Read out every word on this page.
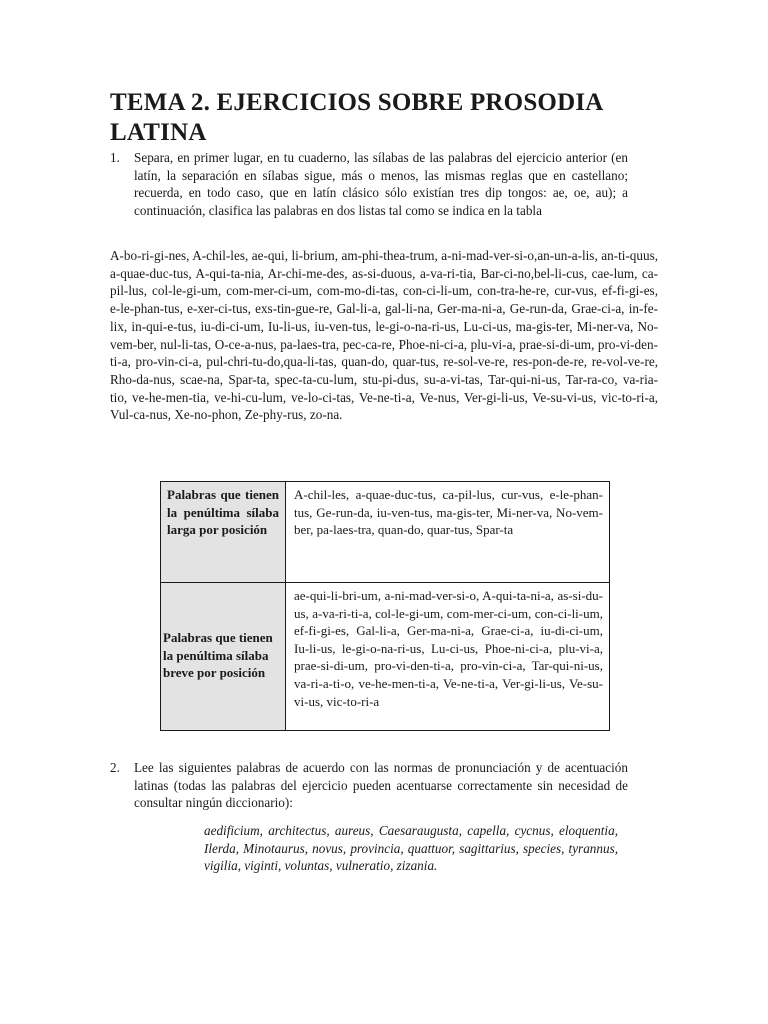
TEMA 2. EJERCICIOS SOBRE PROSODIA LATINA
1. Separa, en primer lugar, en tu cuaderno, las sílabas de las palabras del ejercicio anterior (en latín, la separación en sílabas sigue, más o menos, las mismas reglas que en castellano; recuerda, en todo caso, que en latín clásico sólo existían tres dip tongos: ae, oe, au); a continuación, clasifica las palabras en dos listas tal como se indica en la tabla

A-bo-ri-gi-nes, A-chil-les, ae-qui, li-brium, am-phi-thea-trum, a-ni-mad-ver-si-o,an-un-a-lis, an-ti-quus, a-quae-duc-tus, A-qui-ta-nia, Ar-chi-me-des, as-si-duous, a-va-ri-tia, Bar-ci-no,bel-li-cus, cae-lum, ca-pil-lus, col-le-gi-um, com-mer-ci-um, com-mo-di-tas, con-ci-li-um, con-tra-he-re, cur-vus, ef-fi-gi-es, e-le-phan-tus, e-xer-ci-tus, exs-tin-gue-re, Gal-li-a, gal-li-na, Ger-ma-ni-a, Ge-run-da, Grae-ci-a, in-fe-lix, in-qui-e-tus, iu-di-ci-um, Iu-li-us, iu-ven-tus, le-gi-o-na-ri-us, Lu-ci-us, ma-gis-ter, Mi-ner-va, No-vem-ber, nul-li-tas, O-ce-a-nus, pa-laes-tra, pec-ca-re, Phoe-ni-ci-a, plu-vi-a, prae-si-di-um, pro-vi-den-ti-a, pro-vin-ci-a, pul-chri-tu-do,qua-li-tas, quan-do, quar-tus, re-sol-ve-re, res-pon-de-re, re-vol-ve-re, Rho-da-nus, scae-na, Spar-ta, spec-ta-cu-lum, stu-pi-dus, su-a-vi-tas, Tar-qui-ni-us, Tar-ra-co, va-ria-tio, ve-he-men-tia, ve-hi-cu-lum, ve-lo-ci-tas, Ve-ne-ti-a, Ve-nus, Ver-gi-li-us, Ve-su-vi-us, vic-to-ri-a, Vul-ca-nus, Xe-no-phon, Ze-phy-rus, zo-na.

Palabras que tienen la penúltima sílaba larga por posición	A-chil-les, a-quae-duc-tus, ca-pil-lus, cur-vus, e-le-phan-tus, Ge-run-da, iu-ven-tus, ma-gis-ter, Mi-ner-va, No-vem-ber, pa-laes-tra, quan-do, quar-tus, Spar-ta
Palabras que tienen la penúltima sílaba breve por posición	ae-qui-li-bri-um, a-ni-mad-ver-si-o, A-qui-ta-ni-a, as-si-du-us, a-va-ri-ti-a, col-le-gi-um, com-mer-ci-um, con-ci-li-um, ef-fi-gi-es, Gal-li-a, Ger-ma-ni-a, Grae-ci-a, iu-di-ci-um, Iu-li-us, le-gi-o-na-ri-us, Lu-ci-us, Phoe-ni-ci-a, plu-vi-a, prae-si-di-um, pro-vi-den-ti-a, pro-vin-ci-a, Tar-qui-ni-us, va-ri-a-ti-o, ve-he-men-ti-a, Ve-ne-ti-a, Ver-gi-li-us, Ve-su-vi-us, vic-to-ri-a
2. Lee las siguientes palabras de acuerdo con las normas de pronunciación y de acentuación latinas (todas las palabras del ejercicio pueden acentuarse correctamente sin necesidad de consultar ningún diccionario):

aedificium, architectus, aureus, Caesaraugusta, capella, cycnus, eloquentia, Ilerda, Minotaurus, novus, provincia, quattuor, sagittarius, species, tyrannus, vigilia, viginti, voluntas, vulneratio, zizania.
